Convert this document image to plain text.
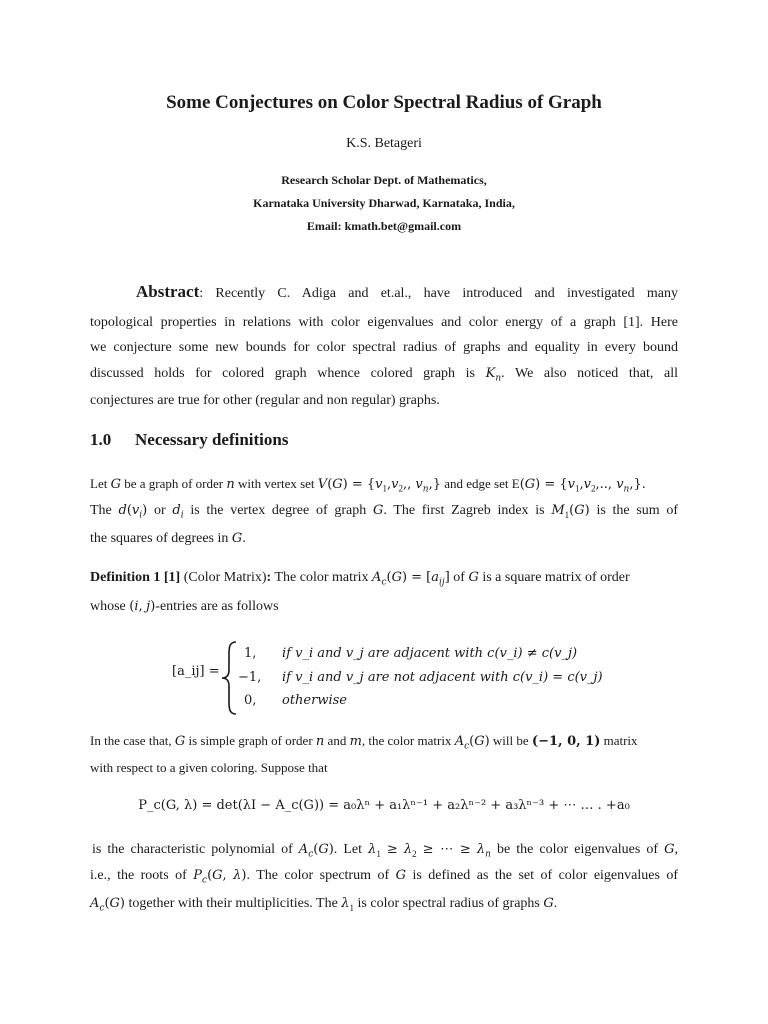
Some Conjectures on Color Spectral Radius of Graph
K.S. Betageri
Research Scholar Dept. of Mathematics,
Karnataka University Dharwad, Karnataka, India,
Email: kmath.bet@gmail.com
Abstract: Recently C. Adiga and et.al., have introduced and investigated many
topological properties in relations with color eigenvalues and color energy of a graph [1]. Here
we conjecture some new bounds for color spectral radius of graphs and equality in every bound
discussed holds for colored graph whence colored graph is $K_n$. We also noticed that, all
conjectures are true for other (regular and non regular) graphs.
1.0 Necessary definitions
Let G be a graph of order n with vertex set $V(G) = \{v_1,v_2$,, $v_n$,} and edge set $E(G) = \{v_1,v_2$,.., $v_n$,}.
The $d(v_i)$ or $d_i$ is the vertex degree of graph G. The first Zagreb index is $M_1(G)$ is the sum of
the squares of degrees in G.
Definition 1 [1] (Color Matrix): The color matrix $A_c(G) = [a_{ij}]$ of G is a square matrix of order
whose (i, j)-entries are as follows
[a_ij] =
1, if v_i and v_j are adjacent with c(v_i) ≠ c(v_j)
−1, if v_i and v_j are not adjacent with c(v_i) = c(v_j)
0, otherwise
In the case that, G is simple graph of order n and m, the color matrix $A_c(G)$ will be (−1, 0, 1) matrix
with respect to a given coloring. Suppose that
P_c(G, λ) = det(λI − A_c(G)) = a₀λⁿ + a₁λⁿ⁻¹ + a₂λⁿ⁻² + a₃λⁿ⁻³ + ⋯ … . +a₀
is the characteristic polynomial of $A_c(G)$. Let $\lambda_1 \ge \lambda_2$ ≥ ⋯ ≥ $\lambda_n$ be the color eigenvalues of G,
i.e., the roots of $P_c(G$, λ). The color spectrum of G is defined as the set of color eigenvalues of
$A_c(G)$ together with their multiplicities. The $\lambda_1$ is color spectral radius of graphs G.
